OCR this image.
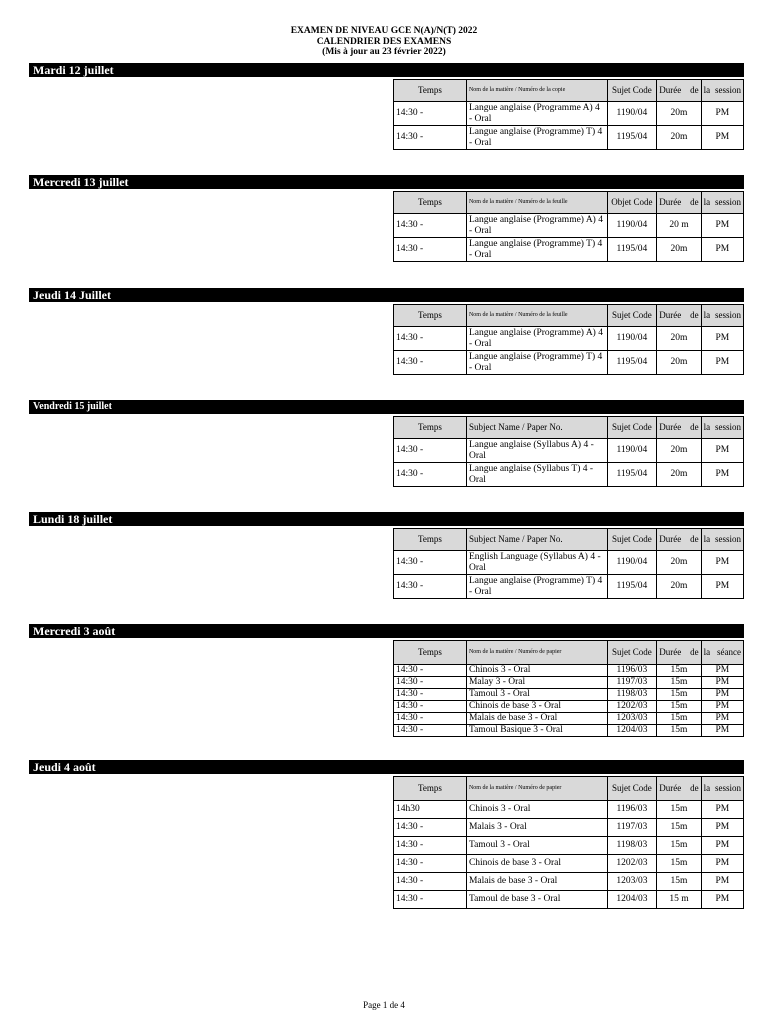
EXAMEN DE NIVEAU GCE N(A)/N(T) 2022
CALENDRIER DES EXAMENS
(Mis à jour au 23 février 2022)
Mardi 12 juillet
Temps	Nom de la matière / Numéro de la copie	Sujet Code	Durée de	la session

14:30 -	Langue anglaise (Programme A) 4 - Oral	1190/04	20m	PM
14:30 -	Langue anglaise (Programme) T) 4 - Oral	1195/04	20m	PM
Mercredi 13 juillet
Temps	Nom de la matière / Numéro de la feuille	Objet Code	Durée de	la session

14:30 -	Langue anglaise (Programme) A) 4 - Oral	1190/04	20 m	PM
14:30 -	Langue anglaise (Programme) T) 4 - Oral	1195/04	20m	PM
Jeudi 14 Juillet
Temps	Nom de la matière / Numéro de la feuille	Sujet Code	Durée de	la session

14:30 -	Langue anglaise (Programme) A) 4 - Oral	1190/04	20m	PM
14:30 -	Langue anglaise (Programme) T) 4 - Oral	1195/04	20m	PM
Vendredi 15 juillet
Temps	Subject Name / Paper No.	Sujet Code	Durée de	la session

14:30 -	Langue anglaise (Syllabus A) 4 - Oral	1190/04	20m	PM
14:30 -	Langue anglaise (Syllabus T) 4 - Oral	1195/04	20m	PM
Lundi 18 juillet
Temps	Subject Name / Paper No.	Sujet Code	Durée de	la session

14:30 -	English Language (Syllabus A) 4 - Oral	1190/04	20m	PM
14:30 -	Langue anglaise (Programme) T) 4 - Oral	1195/04	20m	PM
Mercredi 3 août
Temps	Nom de la matière / Numéro de papier	Sujet Code	Durée de	la séance

14:30 -	Chinois 3 - Oral	1196/03	15m	PM
14:30 -	Malay 3 - Oral	1197/03	15m	PM
14:30 -	Tamoul 3 - Oral	1198/03	15m	PM
14:30 -	Chinois de base 3 - Oral	1202/03	15m	PM
14:30 -	Malais de base 3 - Oral	1203/03	15m	PM
14:30 -	Tamoul Basique 3 - Oral	1204/03	15m	PM
Jeudi 4 août
Temps	Nom de la matière / Numéro de papier	Sujet Code	Durée de	la session

14h30	Chinois 3 - Oral	1196/03	15m	PM
14:30 -	Malais 3 - Oral	1197/03	15m	PM
14:30 -	Tamoul 3 - Oral	1198/03	15m	PM
14:30 -	Chinois de base 3 - Oral	1202/03	15m	PM
14:30 -	Malais de base 3 - Oral	1203/03	15m	PM
14:30 -	Tamoul de base 3 - Oral	1204/03	15 m	PM
Page 1 de 4
